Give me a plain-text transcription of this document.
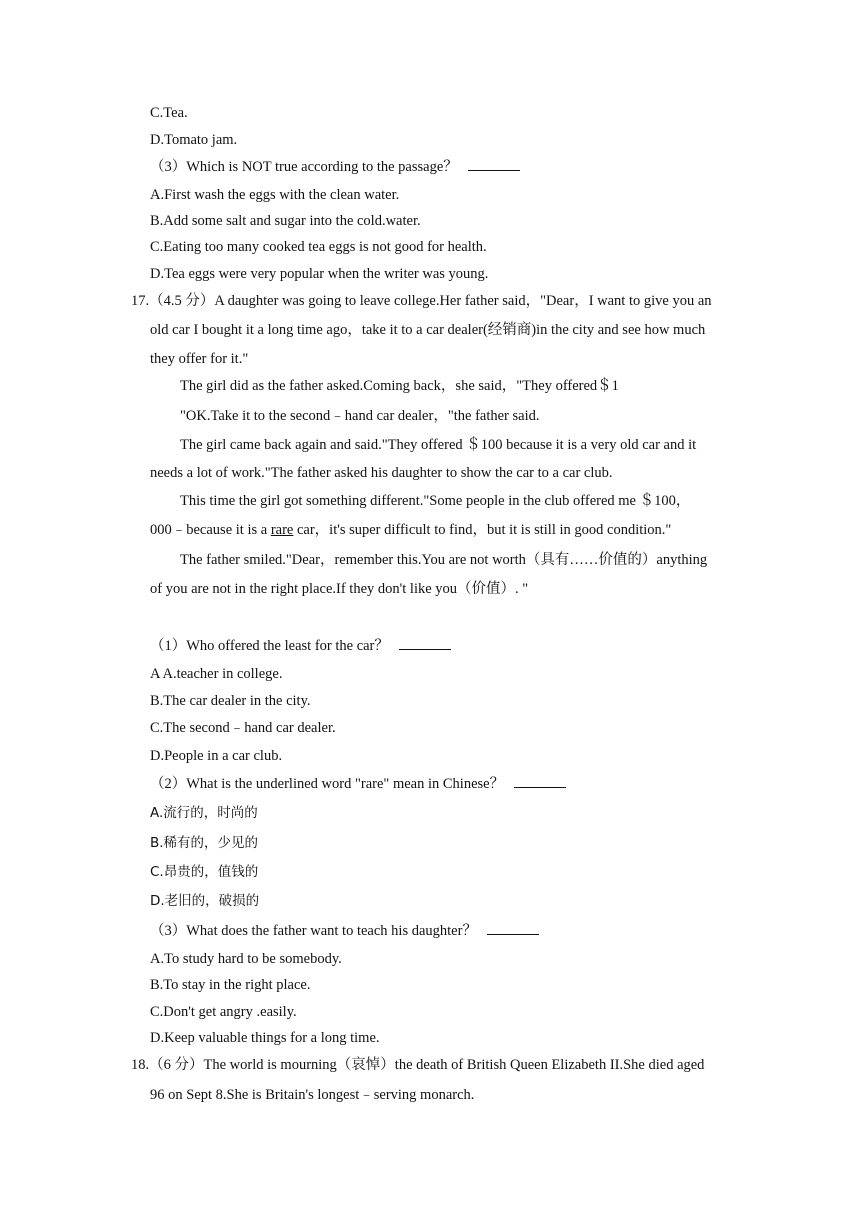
C.Tea.
D.Tomato jam.
（3）Which is NOT true according to the passage？
A.First wash the eggs with the clean water.
B.Add some salt and sugar into the cold.water.
C.Eating too many cooked tea eggs is not good for health.
D.Tea eggs were very popular when the writer was young.
17.（4.5 分）A daughter was going to leave college.Her father said，"Dear，I want to give you an
old car I bought it a long time ago，take it to a car dealer(经销商)in the city and see how much
they offer for it."
The girl did as the father asked.Coming back，she said，"They offered＄1
"OK.Take it to the second﹣hand car dealer，"the father said.
The girl came back again and said."They offered ＄100 because it is a very old car and it
needs a lot of work."The father asked his daughter to show the car to a car club.
This time the girl got something different."Some people in the club offered me ＄100，
000﹣because it is a rare car，it's super difficult to find，but it is still in good condition."
The father smiled."Dear，remember this.You are not worth（具有……价值的）anything
of you are not in the right place.If they don't like you（价值）. "
（1）Who offered the least for the car？
A A.teacher in college.
B.The car dealer in the city.
C.The second﹣hand car dealer.
D.People in a car club.
（2）What is the underlined word "rare" mean in Chinese？
A.流行的，时尚的
B.稀有的，少见的
C.昂贵的，值钱的
D.老旧的，破损的
（3）What does the father want to teach his daughter？
A.To study hard to be somebody.
B.To stay in the right place.
C.Don't get angry .easily.
D.Keep valuable things for a long time.
18.（6 分）The world is mourning（哀悼）the death of British Queen Elizabeth II.She died aged
96 on Sept 8.She is Britain's longest﹣serving monarch.
